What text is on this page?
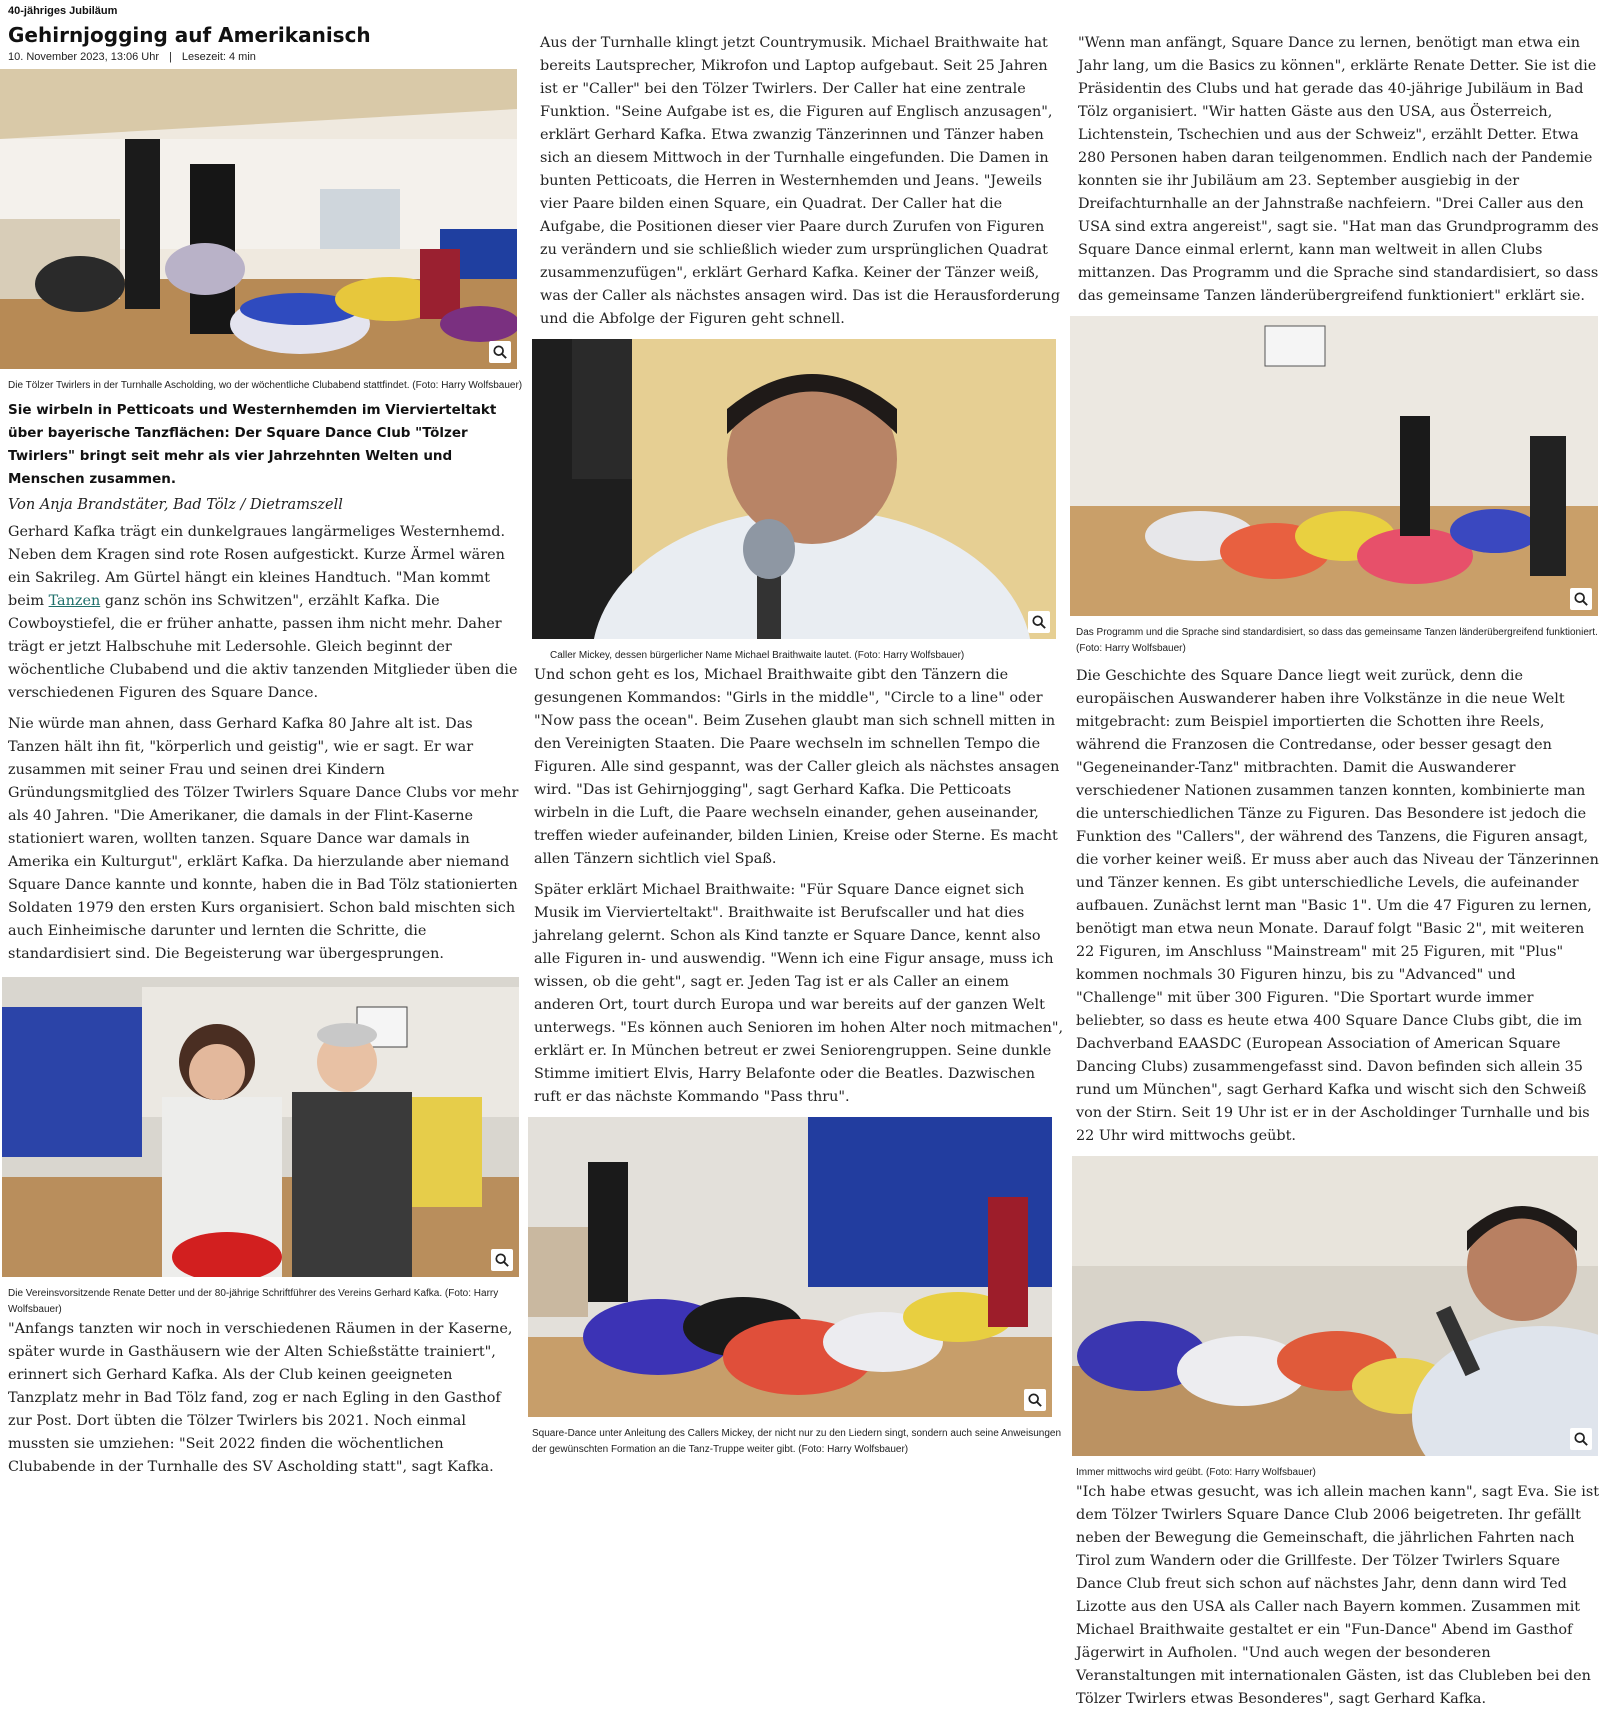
40-jähriges Jubiläum
Gehirnjogging auf Amerikanisch
10. November 2023, 13:06 Uhr | Lesezeit: 4 min
Die Tölzer Twirlers in der Turnhalle Ascholding, wo der wöchentliche Clubabend stattfindet. (Foto: Harry Wolfsbauer)
Sie wirbeln in Petticoats und Westernhemden im Viervierteltakt über bayerische Tanzflächen: Der Square Dance Club "Tölzer Twirlers" bringt seit mehr als vier Jahrzehnten Welten und Menschen zusammen.
Von Anja Brandstäter, Bad Tölz / Dietramszell

Gerhard Kafka trägt ein dunkelgraues langärmeliges Westernhemd. Neben dem Kragen sind rote Rosen aufgestickt. Kurze Ärmel wären ein Sakrileg. Am Gürtel hängt ein kleines Handtuch. "Man kommt beim Tanzen ganz schön ins Schwitzen", erzählt Kafka. Die Cowboystiefel, die er früher anhatte, passen ihm nicht mehr. Daher trägt er jetzt Halbschuhe mit Ledersohle. Gleich beginnt der wöchentliche Clubabend und die aktiv tanzenden Mitglieder üben die verschiedenen Figuren des Square Dance.

Nie würde man ahnen, dass Gerhard Kafka 80 Jahre alt ist. Das Tanzen hält ihn fit, "körperlich und geistig", wie er sagt. Er war zusammen mit seiner Frau und seinen drei Kindern Gründungsmitglied des Tölzer Twirlers Square Dance Clubs vor mehr als 40 Jahren. "Die Amerikaner, die damals in der Flint-Kaserne stationiert waren, wollten tanzen. Square Dance war damals in Amerika ein Kulturgut", erklärt Kafka. Da hierzulande aber niemand Square Dance kannte und konnte, haben die in Bad Tölz stationierten Soldaten 1979 den ersten Kurs organisiert. Schon bald mischten sich auch Einheimische darunter und lernten die Schritte, die standardisiert sind. Die Begeisterung war übergesprungen.

Die Vereinsvorsitzende Renate Detter und der 80-jährige Schriftführer des Vereins Gerhard Kafka. (Foto: Harry Wolfsbauer)

"Anfangs tanzten wir noch in verschiedenen Räumen in der Kaserne, später wurde in Gasthäusern wie der Alten Schießstätte trainiert", erinnert sich Gerhard Kafka. Als der Club keinen geeigneten Tanzplatz mehr in Bad Tölz fand, zog er nach Egling in den Gasthof zur Post. Dort übten die Tölzer Twirlers bis 2021. Noch einmal mussten sie umziehen: "Seit 2022 finden die wöchentlichen Clubabende in der Turnhalle des SV Ascholding statt", sagt Kafka.

Aus der Turnhalle klingt jetzt Countrymusik. Michael Braithwaite hat bereits Lautsprecher, Mikrofon und Laptop aufgebaut. Seit 25 Jahren ist er "Caller" bei den Tölzer Twirlers. Der Caller hat eine zentrale Funktion. "Seine Aufgabe ist es, die Figuren auf Englisch anzusagen", erklärt Gerhard Kafka. Etwa zwanzig Tänzerinnen und Tänzer haben sich an diesem Mittwoch in der Turnhalle eingefunden. Die Damen in bunten Petticoats, die Herren in Westernhemden und Jeans. "Jeweils vier Paare bilden einen Square, ein Quadrat. Der Caller hat die Aufgabe, die Positionen dieser vier Paare durch Zurufen von Figuren zu verändern und sie schließlich wieder zum ursprünglichen Quadrat zusammenzufügen", erklärt Gerhard Kafka. Keiner der Tänzer weiß, was der Caller als nächstes ansagen wird. Das ist die Herausforderung und die Abfolge der Figuren geht schnell.

Caller Mickey, dessen bürgerlicher Name Michael Braithwaite lautet. (Foto: Harry Wolfsbauer)

Und schon geht es los, Michael Braithwaite gibt den Tänzern die gesungenen Kommandos: "Girls in the middle", "Circle to a line" oder "Now pass the ocean". Beim Zusehen glaubt man sich schnell mitten in den Vereinigten Staaten. Die Paare wechseln im schnellen Tempo die Figuren. Alle sind gespannt, was der Caller gleich als nächstes ansagen wird. "Das ist Gehirnjogging", sagt Gerhard Kafka. Die Petticoats wirbeln in die Luft, die Paare wechseln einander, gehen auseinander, treffen wieder aufeinander, bilden Linien, Kreise oder Sterne. Es macht allen Tänzern sichtlich viel Spaß.

Später erklärt Michael Braithwaite: "Für Square Dance eignet sich Musik im Viervierteltakt". Braithwaite ist Berufscaller und hat dies jahrelang gelernt. Schon als Kind tanzte er Square Dance, kennt also alle Figuren in- und auswendig. "Wenn ich eine Figur ansage, muss ich wissen, ob die geht", sagt er. Jeden Tag ist er als Caller an einem anderen Ort, tourt durch Europa und war bereits auf der ganzen Welt unterwegs. "Es können auch Senioren im hohen Alter noch mitmachen", erklärt er. In München betreut er zwei Seniorengruppen. Seine dunkle Stimme imitiert Elvis, Harry Belafonte oder die Beatles. Dazwischen ruft er das nächste Kommando "Pass thru".

Square-Dance unter Anleitung des Callers Mickey, der nicht nur zu den Liedern singt, sondern auch seine Anweisungen der gewünschten Formation an die Tanz-Truppe weiter gibt. (Foto: Harry Wolfsbauer)

"Wenn man anfängt, Square Dance zu lernen, benötigt man etwa ein Jahr lang, um die Basics zu können", erklärte Renate Detter. Sie ist die Präsidentin des Clubs und hat gerade das 40-jährige Jubiläum in Bad Tölz organisiert. "Wir hatten Gäste aus den USA, aus Österreich, Lichtenstein, Tschechien und aus der Schweiz", erzählt Detter. Etwa 280 Personen haben daran teilgenommen. Endlich nach der Pandemie konnten sie ihr Jubiläum am 23. September ausgiebig in der Dreifachturnhalle an der Jahnstraße nachfeiern. "Drei Caller aus den USA sind extra angereist", sagt sie. "Hat man das Grundprogramm des Square Dance einmal erlernt, kann man weltweit in allen Clubs mittanzen. Das Programm und die Sprache sind standardisiert, so dass das gemeinsame Tanzen länderübergreifend funktioniert" erklärt sie.

Das Programm und die Sprache sind standardisiert, so dass das gemeinsame Tanzen länderübergreifend funktioniert. (Foto: Harry Wolfsbauer)

Die Geschichte des Square Dance liegt weit zurück, denn die europäischen Auswanderer haben ihre Volkstänze in die neue Welt mitgebracht: zum Beispiel importierten die Schotten ihre Reels, während die Franzosen die Contredanse, oder besser gesagt den "Gegeneinander-Tanz" mitbrachten. Damit die Auswanderer verschiedener Nationen zusammen tanzen konnten, kombinierte man die unterschiedlichen Tänze zu Figuren. Das Besondere ist jedoch die Funktion des "Callers", der während des Tanzens, die Figuren ansagt, die vorher keiner weiß. Er muss aber auch das Niveau der Tänzerinnen und Tänzer kennen. Es gibt unterschiedliche Levels, die aufeinander aufbauen. Zunächst lernt man "Basic 1". Um die 47 Figuren zu lernen, benötigt man etwa neun Monate. Darauf folgt "Basic 2", mit weiteren 22 Figuren, im Anschluss "Mainstream" mit 25 Figuren, mit "Plus" kommen nochmals 30 Figuren hinzu, bis zu "Advanced" und "Challenge" mit über 300 Figuren. "Die Sportart wurde immer beliebter, so dass es heute etwa 400 Square Dance Clubs gibt, die im Dachverband EAASDC (European Association of American Square Dancing Clubs) zusammengefasst sind. Davon befinden sich allein 35 rund um München", sagt Gerhard Kafka und wischt sich den Schweiß von der Stirn. Seit 19 Uhr ist er in der Ascholdinger Turnhalle und bis 22 Uhr wird mittwochs geübt.

Immer mittwochs wird geübt. (Foto: Harry Wolfsbauer)

"Ich habe etwas gesucht, was ich allein machen kann", sagt Eva. Sie ist dem Tölzer Twirlers Square Dance Club 2006 beigetreten. Ihr gefällt neben der Bewegung die Gemeinschaft, die jährlichen Fahrten nach Tirol zum Wandern oder die Grillfeste. Der Tölzer Twirlers Square Dance Club freut sich schon auf nächstes Jahr, denn dann wird Ted Lizotte aus den USA als Caller nach Bayern kommen. Zusammen mit Michael Braithwaite gestaltet er ein "Fun-Dance" Abend im Gasthof Jägerwirt in Aufholen. "Und auch wegen der besonderen Veranstaltungen mit internationalen Gästen, ist das Clubleben bei den Tölzer Twirlers etwas Besonderes", sagt Gerhard Kafka.
